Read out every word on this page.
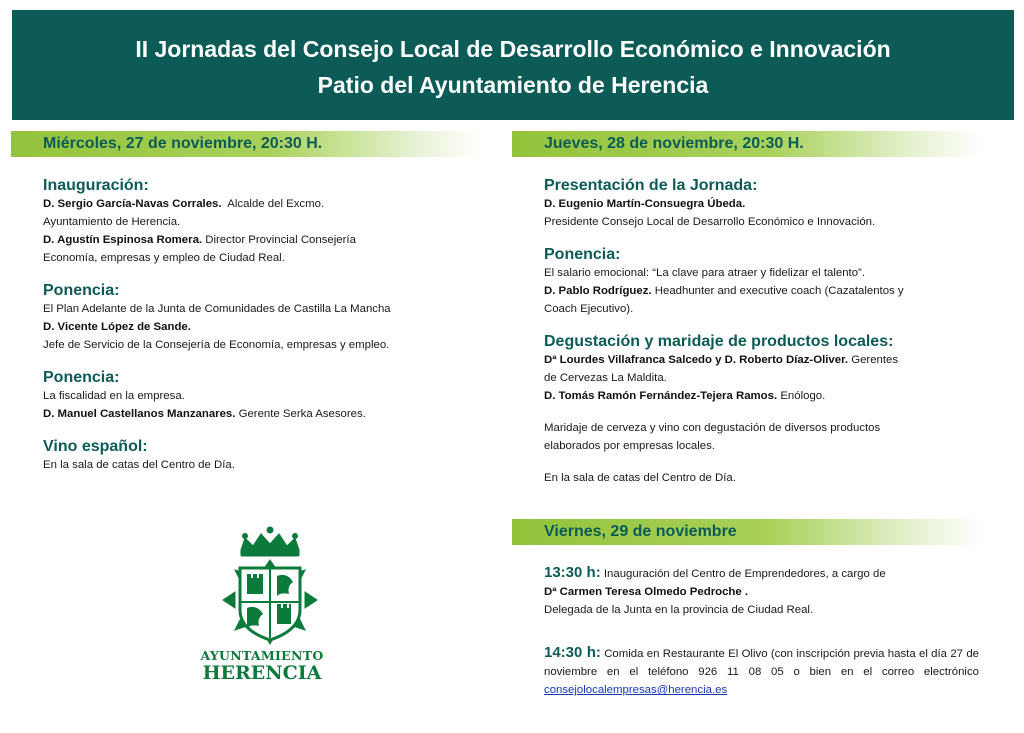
II Jornadas del Consejo Local de Desarrollo Económico e Innovación
Patio del Ayuntamiento de Herencia
Miércoles, 27 de noviembre, 20:30 H.	Jueves, 28 de noviembre, 20:30 H.
Viernes, 29 de noviembre

Inauguración:

D. Sergio García-Navas Corrales. Alcalde del Excmo.

Ayuntamiento de Herencia.

D. Agustín Espinosa Romera. Director Provincial Consejería

Economía, empresas y empleo de Ciudad Real.

Ponencia:

El Plan Adelante de la Junta de Comunidades de Castilla La Mancha

D. Vicente López de Sande.

Jefe de Servicio de la Consejería de Economía, empresas y empleo.

Ponencia:

La fiscalidad en la empresa.

D. Manuel Castellanos Manzanares. Gerente Serka Asesores.

Vino español:

En la sala de catas del Centro de Día.

Presentación de la Jornada:

D. Eugenio Martín-Consuegra Úbeda.

Presidente Consejo Local de Desarrollo Económico e Innovación.

Ponencia:

El salario emocional: “La clave para atraer y fidelizar el talento”.

D. Pablo Rodríguez. Headhunter and executive coach (Cazatalentos y

Coach Ejecutivo).

Degustación y maridaje de productos locales:

Dª Lourdes Villafranca Salcedo y D. Roberto Díaz-Oliver. Gerentes

de Cervezas La Maldita.

D. Tomás Ramón Fernández-Tejera Ramos. Enólogo.

Maridaje de cerveza y vino con degustación de diversos productos

elaborados por empresas locales.

En la sala de catas del Centro de Día.

13:30 h: Inauguración del Centro de Emprendedores, a cargo de

Dª Carmen Teresa Olmedo Pedroche .

Delegada de la Junta en la provincia de Ciudad Real.

14:30 h: Comida en Restaurante El Olivo (con inscripción previa hasta el día 27 de noviembre en el teléfono 926 11 08 05 o bien en el correo electrónico consejolocalempresas@herencia.es

AYUNTAMIENTO
HERENCIA
